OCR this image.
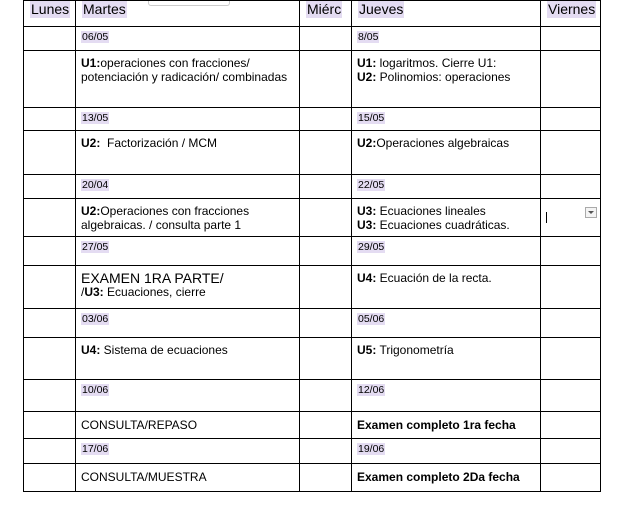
Lunes	Martes	Miérc	Jueves	Viernes
	06/05		8/05	

	U1:operaciones con fracciones/ potenciación y radicación/ combinadas		U1: logaritmos. Cierre U1:
U2: Polinomios: operaciones	

	13/05		15/05	

	U2:  Factorización / MCM		U2:Operaciones algebraicas	

	20/04		22/05	

	U2:Operaciones con fracciones algebraicas. / consulta parte 1		U3: Ecuaciones lineales
U3: Ecuaciones cuadráticas.	

	27/05		29/05	

	EXAMEN 1RA PARTE/
/U3: Ecuaciones, cierre		U4: Ecuación de la recta.	

	03/06		05/06	

	U4: Sistema de ecuaciones		U5: Trigonometría	

	10/06		12/06	

	CONSULTA/REPASO		Examen completo 1ra fecha	

	17/06		19/06	

	CONSULTA/MUESTRA		Examen completo 2Da fecha	
